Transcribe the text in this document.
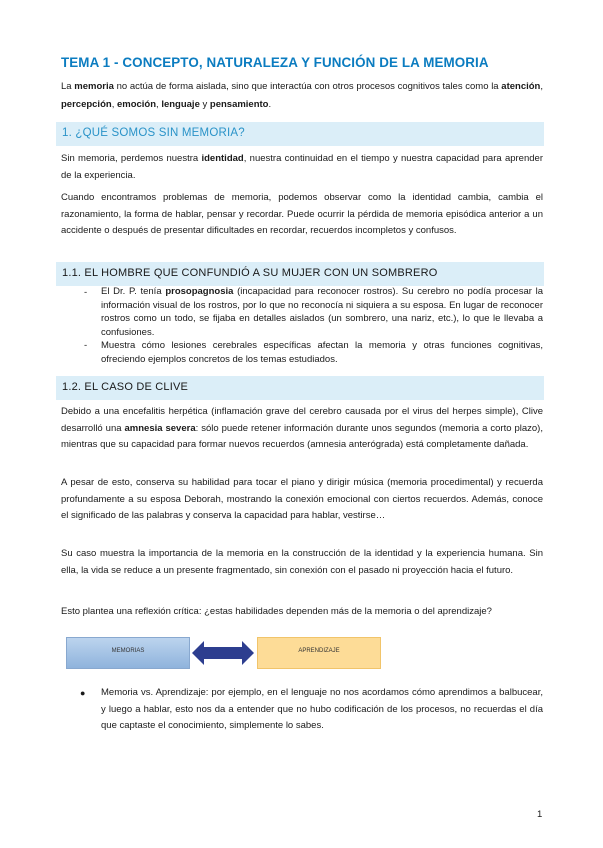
TEMA 1 - CONCEPTO, NATURALEZA Y FUNCIÓN DE LA MEMORIA
La memoria no actúa de forma aislada, sino que interactúa con otros procesos cognitivos tales como la atención, percepción, emoción, lenguaje y pensamiento.
1. ¿QUÉ SOMOS SIN MEMORIA?
Sin memoria, perdemos nuestra identidad, nuestra continuidad en el tiempo y nuestra capacidad para aprender de la experiencia.
Cuando encontramos problemas de memoria, podemos observar como la identidad cambia, cambia el razonamiento, la forma de hablar, pensar y recordar. Puede ocurrir la pérdida de memoria episódica anterior a un accidente o después de presentar dificultades en recordar, recuerdos incompletos y confusos.
1.1. EL HOMBRE QUE CONFUNDIÓ A SU MUJER CON UN SOMBRERO
- El Dr. P. tenía prosopagnosia (incapacidad para reconocer rostros). Su cerebro no podía procesar la información visual de los rostros, por lo que no reconocía ni siquiera a su esposa. En lugar de reconocer rostros como un todo, se fijaba en detalles aislados (un sombrero, una nariz, etc.), lo que le llevaba a confusiones.
- Muestra cómo lesiones cerebrales específicas afectan la memoria y otras funciones cognitivas, ofreciendo ejemplos concretos de los temas estudiados.
1.2. EL CASO DE CLIVE
Debido a una encefalitis herpética (inflamación grave del cerebro causada por el virus del herpes simple), Clive desarrolló una amnesia severa: sólo puede retener información durante unos segundos (memoria a corto plazo), mientras que su capacidad para formar nuevos recuerdos (amnesia anterógrada) está completamente dañada.
A pesar de esto, conserva su habilidad para tocar el piano y dirigir música (memoria procedimental) y recuerda profundamente a su esposa Deborah, mostrando la conexión emocional con ciertos recuerdos. Además, conoce el significado de las palabras y conserva la capacidad para hablar, vestirse…
Su caso muestra la importancia de la memoria en la construcción de la identidad y la experiencia humana. Sin ella, la vida se reduce a un presente fragmentado, sin conexión con el pasado ni proyección hacia el futuro.
Esto plantea una reflexión crítica: ¿estas habilidades dependen más de la memoria o del aprendizaje?
MEMORIAS	APRENDIZAJE
● Memoria vs. Aprendizaje: por ejemplo, en el lenguaje no nos acordamos cómo aprendimos a balbucear, y luego a hablar, esto nos da a entender que no hubo codificación de los procesos, no recuerdas el día que captaste el conocimiento, simplemente lo sabes.
1
